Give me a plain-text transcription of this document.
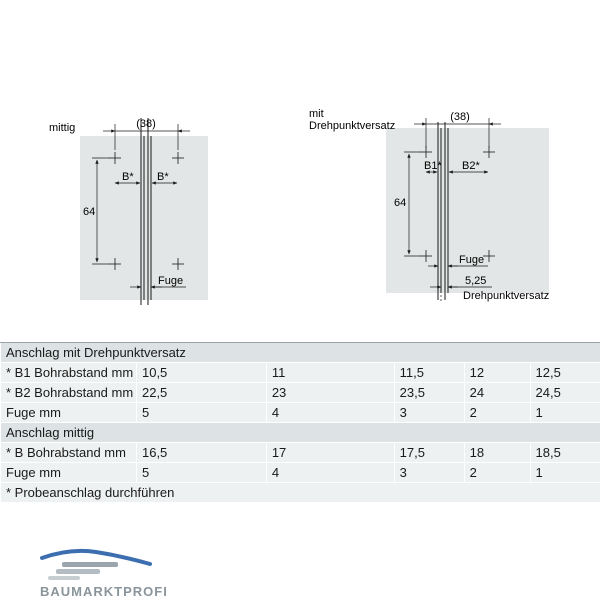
mittig	(38)
64
B* B*
Fuge
mit
Drehpunktversatz
(38)
64
B1* B2*
Fuge
5,25
Drehpunktversatz
Anschlag mit Drehpunktversatz					
* B1 Bohrabstand mm	10,5	11	11,5	12	12,5
* B2 Bohrabstand mm	22,5	23	23,5	24	24,5
Fuge mm	5	4	3	2	1
Anschlag mittig					
* B Bohrabstand mm	16,5	17	17,5	18	18,5
Fuge mm	5	4	3	2	1
* Probeanschlag durchführen					
BAUMARKTPROFI
